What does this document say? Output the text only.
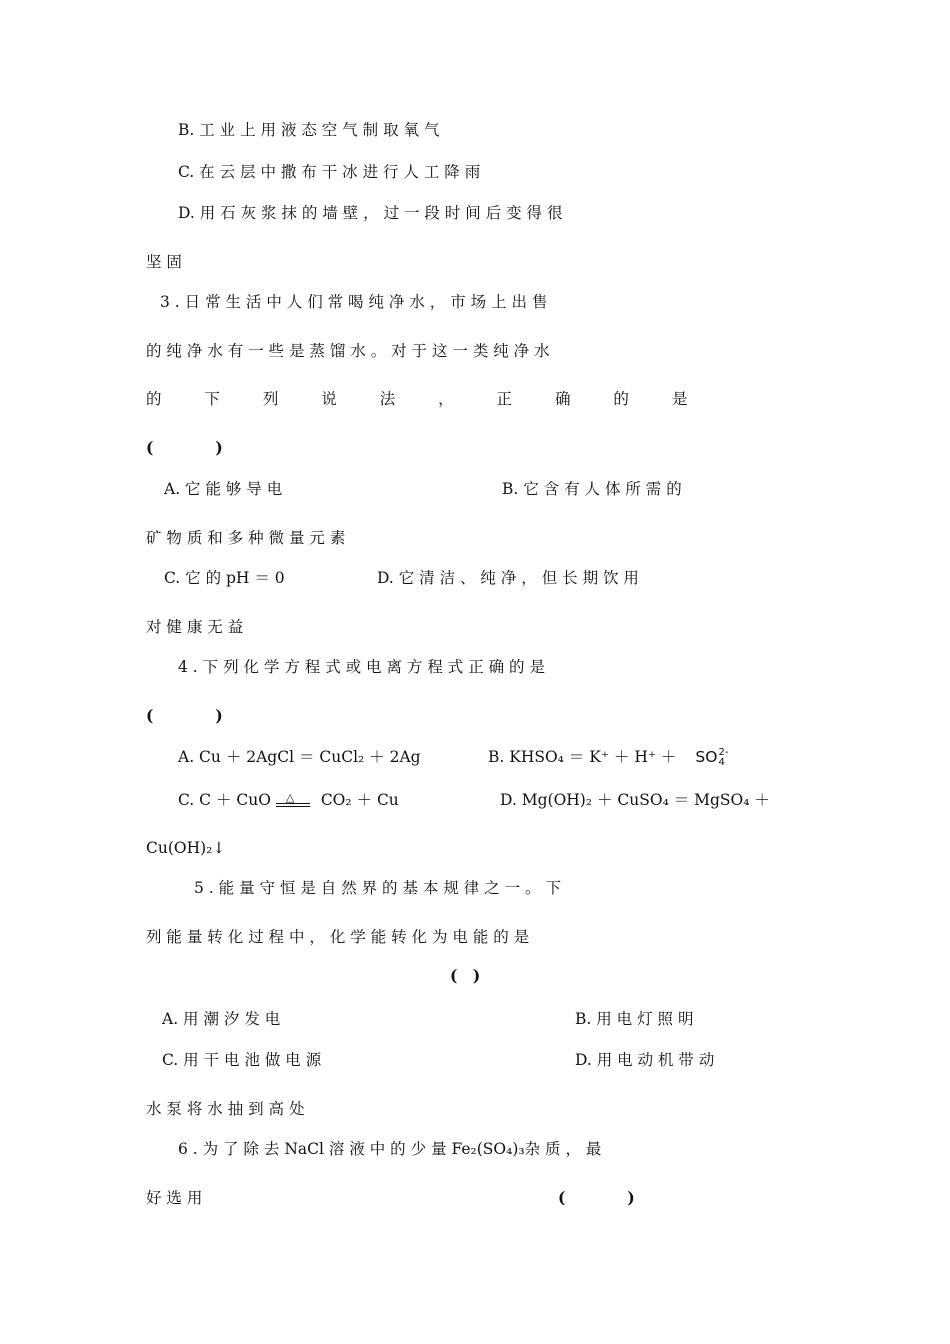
B. 工 业 上 用 液 态 空 气 制 取 氧 气
C. 在 云 层 中 撒 布 干 冰 进 行 人 工 降 雨
D. 用 石 灰 浆 抹 的 墙 壁 ， 过 一 段 时 间 后 变 得 很
坚 固
3 . 日 常 生 活 中 人 们 常 喝 纯 净 水 ， 市 场 上 出 售
的 纯 净 水 有 一 些 是 蒸 馏 水 。 对 于 这 一 类 纯 净 水
的 下 列 说 法 ， 正 确 的 是
(　　　　)
A. 它 能 够 导 电	B. 它 含 有 人 体 所 需 的
矿 物 质 和 多 种 微 量 元 素
C. 它 的 pH ＝ 0	D. 它 清 洁 、 纯 净 ， 但 长 期 饮 用
对 健 康 无 益
4 . 下 列 化 学 方 程 式 或 电 离 方 程 式 正 确 的 是
(　　　　)
A. Cu ＋ 2AgCl ＝ CuCl₂ ＋ 2Ag	B. KHSO₄ ＝ K⁺ ＋ H⁺ ＋ SO 2-
4
C. C ＋ CuO △ CO₂ ＋ Cu	D. Mg(OH)₂ ＋ CuSO₄ ＝ MgSO₄ ＋
Cu(OH)₂↓
5 . 能 量 守 恒 是 自 然 界 的 基 本 规 律 之 一 。 下
列 能 量 转 化 过 程 中 ， 化 学 能 转 化 为 电 能 的 是
(　)
A. 用 潮 汐 发 电	B. 用 电 灯 照 明
C. 用 干 电 池 做 电 源	D. 用 电 动 机 带 动
水 泵 将 水 抽 到 高 处
6 . 为 了 除 去 NaCl 溶 液 中 的 少 量 Fe₂(SO₄)₃杂 质 ， 最
好 选 用	(　　　　)
